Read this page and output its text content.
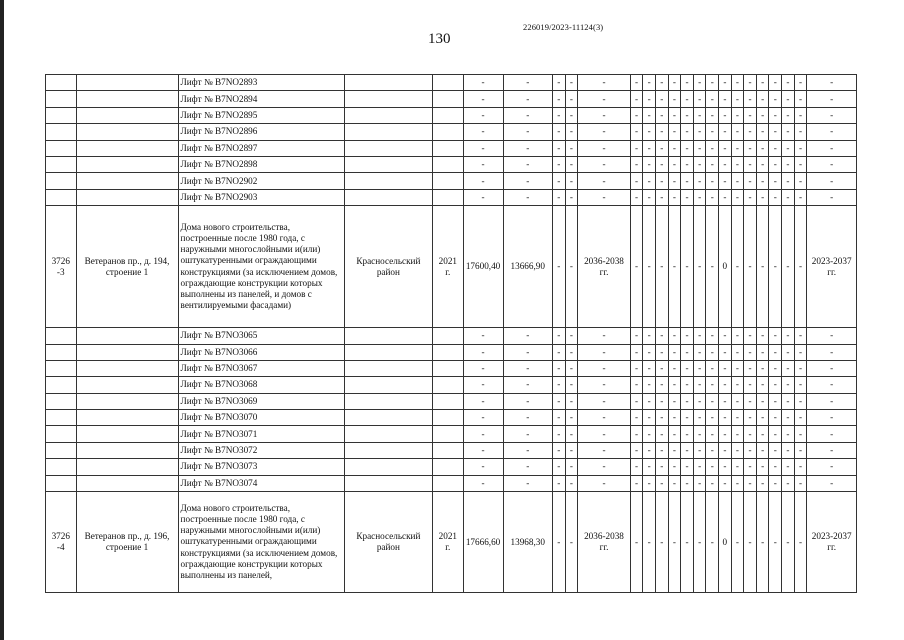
226019/2023-11124(3)
130
		Лифт № В7NO2893			-	-	-	-	-	-	-	-	-	-	-	-	-	-	-	-	-	-	-	-
		Лифт № В7NO2894			-	-	-	-	-	-	-	-	-	-	-	-	-	-	-	-	-	-	-	-
		Лифт № В7NO2895			-	-	-	-	-	-	-	-	-	-	-	-	-	-	-	-	-	-	-	-
		Лифт № В7NO2896			-	-	-	-	-	-	-	-	-	-	-	-	-	-	-	-	-	-	-	-
		Лифт № В7NO2897			-	-	-	-	-	-	-	-	-	-	-	-	-	-	-	-	-	-	-	-
		Лифт № В7NO2898			-	-	-	-	-	-	-	-	-	-	-	-	-	-	-	-	-	-	-	-
		Лифт № В7NO2902			-	-	-	-	-	-	-	-	-	-	-	-	-	-	-	-	-	-	-	-
		Лифт № В7NO2903			-	-	-	-	-	-	-	-	-	-	-	-	-	-	-	-	-	-	-	-
3726 -3	Ветеранов пр., д. 194, строение 1	Дома нового строительства, построенные после 1980 года, с наружными многослойными и(или) оштукатуренными ограждающими конструкциями (за исключением домов, ограждающие конструкции которых выполнены из панелей, и домов с вентилируемыми фасадами)	Красносельский район	2021 г.	17600,40	13666,90	-	-	2036-2038 гг.	-	-	-	-	-	-	-	0	-	-	-	-	-	-	2023-2037 гг.
		Лифт № В7NO3065			-	-	-	-	-	-	-	-	-	-	-	-	-	-	-	-	-	-	-	-
		Лифт № В7NO3066			-	-	-	-	-	-	-	-	-	-	-	-	-	-	-	-	-	-	-	-
		Лифт № В7NO3067			-	-	-	-	-	-	-	-	-	-	-	-	-	-	-	-	-	-	-	-
		Лифт № В7NO3068			-	-	-	-	-	-	-	-	-	-	-	-	-	-	-	-	-	-	-	-
		Лифт № В7NO3069			-	-	-	-	-	-	-	-	-	-	-	-	-	-	-	-	-	-	-	-
		Лифт № В7NO3070			-	-	-	-	-	-	-	-	-	-	-	-	-	-	-	-	-	-	-	-
		Лифт № В7NO3071			-	-	-	-	-	-	-	-	-	-	-	-	-	-	-	-	-	-	-	-
		Лифт № В7NO3072			-	-	-	-	-	-	-	-	-	-	-	-	-	-	-	-	-	-	-	-
		Лифт № В7NO3073			-	-	-	-	-	-	-	-	-	-	-	-	-	-	-	-	-	-	-	-
		Лифт № В7NO3074			-	-	-	-	-	-	-	-	-	-	-	-	-	-	-	-	-	-	-	-
3726 -4	Ветеранов пр., д. 196, строение 1	Дома нового строительства, построенные после 1980 года, с наружными многослойными и(или) оштукатуренными ограждающими конструкциями (за исключением домов, ограждающие конструкции которых выполнены из панелей,	Красносельский район	2021 г.	17666,60	13968,30	-	-	2036-2038 гг.	-	-	-	-	-	-	-	0	-	-	-	-	-	-	2023-2037 гг.
